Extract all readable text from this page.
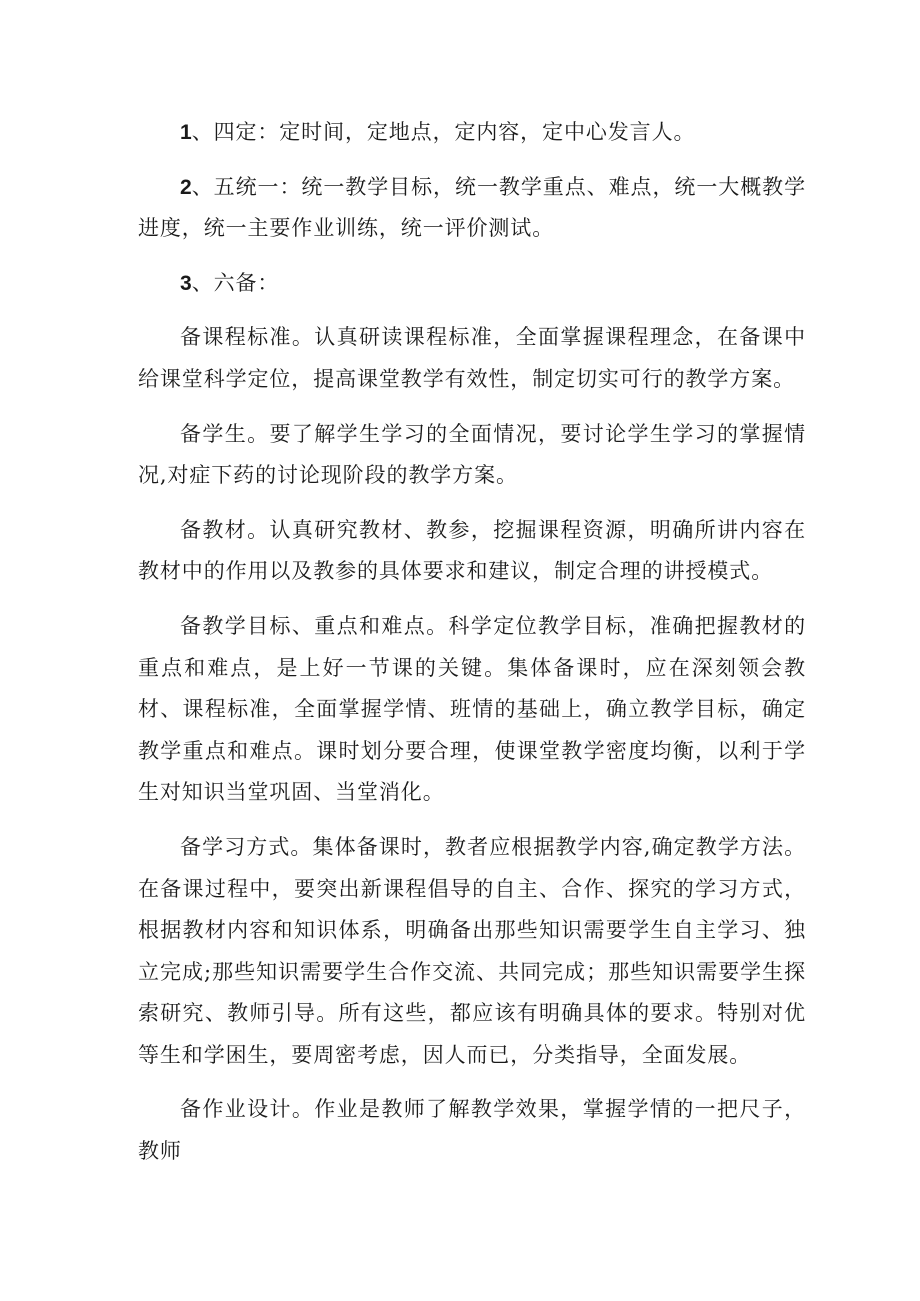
1、四定：定时间，定地点，定内容，定中心发言人。

2、五统一：统一教学目标，统一教学重点、难点，统一大概教学进度，统一主要作业训练，统一评价测试。

3、六备：

备课程标准。认真研读课程标准，全面掌握课程理念，在备课中给课堂科学定位，提高课堂教学有效性，制定切实可行的教学方案。

备学生。要了解学生学习的全面情况，要讨论学生学习的掌握情况,对症下药的讨论现阶段的教学方案。

备教材。认真研究教材、教参，挖掘课程资源，明确所讲内容在教材中的作用以及教参的具体要求和建议，制定合理的讲授模式。

备教学目标、重点和难点。科学定位教学目标，准确把握教材的重点和难点，是上好一节课的关键。集体备课时，应在深刻领会教材、课程标准，全面掌握学情、班情的基础上，确立教学目标，确定教学重点和难点。课时划分要合理，使课堂教学密度均衡，以利于学生对知识当堂巩固、当堂消化。

备学习方式。集体备课时，教者应根据教学内容,确定教学方法。在备课过程中，要突出新课程倡导的自主、合作、探究的学习方式，根据教材内容和知识体系，明确备出那些知识需要学生自主学习、独立完成;那些知识需要学生合作交流、共同完成；那些知识需要学生探索研究、教师引导。所有这些，都应该有明确具体的要求。特别对优等生和学困生，要周密考虑，因人而已，分类指导，全面发展。

备作业设计。作业是教师了解教学效果，掌握学情的一把尺子，教师
